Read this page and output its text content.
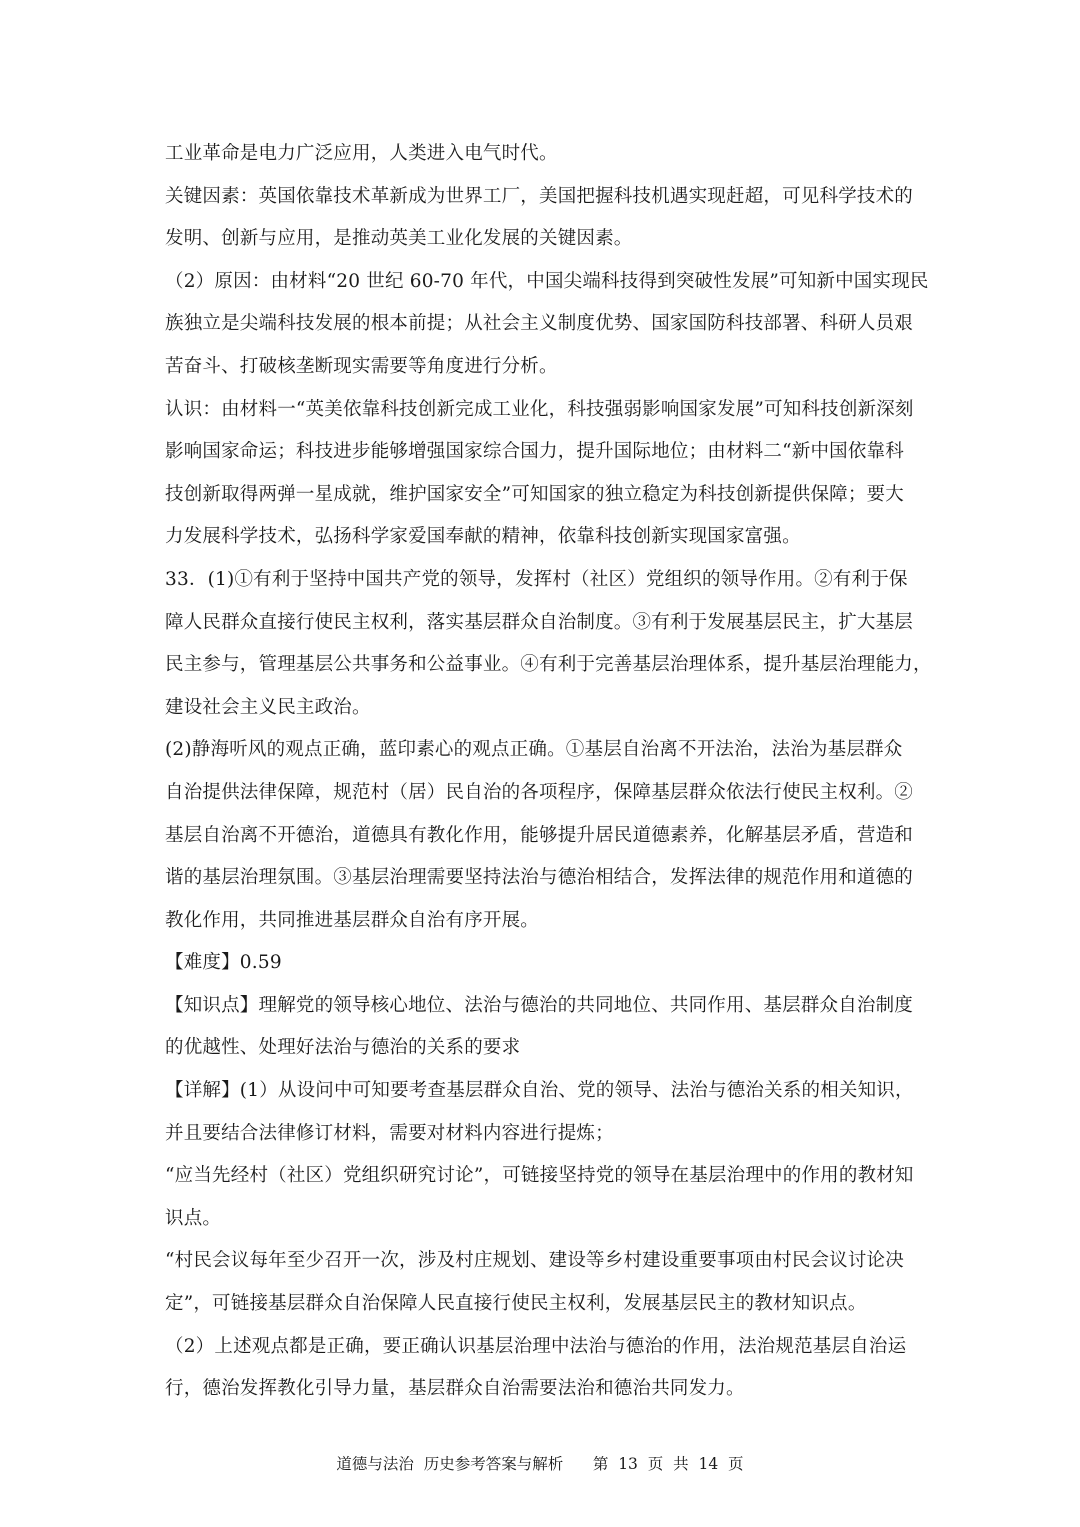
工业革命是电力广泛应用，人类进入电气时代。
关键因素：英国依靠技术革新成为世界工厂，美国把握科技机遇实现赶超，可见科学技术的
发明、创新与应用，是推动英美工业化发展的关键因素。
（2）原因：由材料“20 世纪 60-70 年代，中国尖端科技得到突破性发展”可知新中国实现民
族独立是尖端科技发展的根本前提；从社会主义制度优势、国家国防科技部署、科研人员艰
苦奋斗、打破核垄断现实需要等角度进行分析。
认识：由材料一“英美依靠科技创新完成工业化，科技强弱影响国家发展”可知科技创新深刻
影响国家命运；科技进步能够增强国家综合国力，提升国际地位；由材料二“新中国依靠科
技创新取得两弹一星成就，维护国家安全”可知国家的独立稳定为科技创新提供保障；要大
力发展科学技术，弘扬科学家爱国奉献的精神，依靠科技创新实现国家富强。
33．(1)①有利于坚持中国共产党的领导，发挥村（社区）党组织的领导作用。②有利于保
障人民群众直接行使民主权利，落实基层群众自治制度。③有利于发展基层民主，扩大基层
民主参与，管理基层公共事务和公益事业。④有利于完善基层治理体系，提升基层治理能力，
建设社会主义民主政治。
(2)静海听风的观点正确，蓝印素心的观点正确。①基层自治离不开法治，法治为基层群众
自治提供法律保障，规范村（居）民自治的各项程序，保障基层群众依法行使民主权利。②
基层自治离不开德治，道德具有教化作用，能够提升居民道德素养，化解基层矛盾，营造和
谐的基层治理氛围。③基层治理需要坚持法治与德治相结合，发挥法律的规范作用和道德的
教化作用，共同推进基层群众自治有序开展。
【难度】0.59
【知识点】理解党的领导核心地位、法治与德治的共同地位、共同作用、基层群众自治制度
的优越性、处理好法治与德治的关系的要求
【详解】(1）从设问中可知要考查基层群众自治、党的领导、法治与德治关系的相关知识，
并且要结合法律修订材料，需要对材料内容进行提炼；
“应当先经村（社区）党组织研究讨论”，可链接坚持党的领导在基层治理中的作用的教材知
识点。
“村民会议每年至少召开一次，涉及村庄规划、建设等乡村建设重要事项由村民会议讨论决
定”，可链接基层群众自治保障人民直接行使民主权利，发展基层民主的教材知识点。
（2）上述观点都是正确，要正确认识基层治理中法治与德治的作用，法治规范基层自治运
行，德治发挥教化引导力量，基层群众自治需要法治和德治共同发力。
道德与法治  历史参考答案与解析      第  13  页  共  14  页
